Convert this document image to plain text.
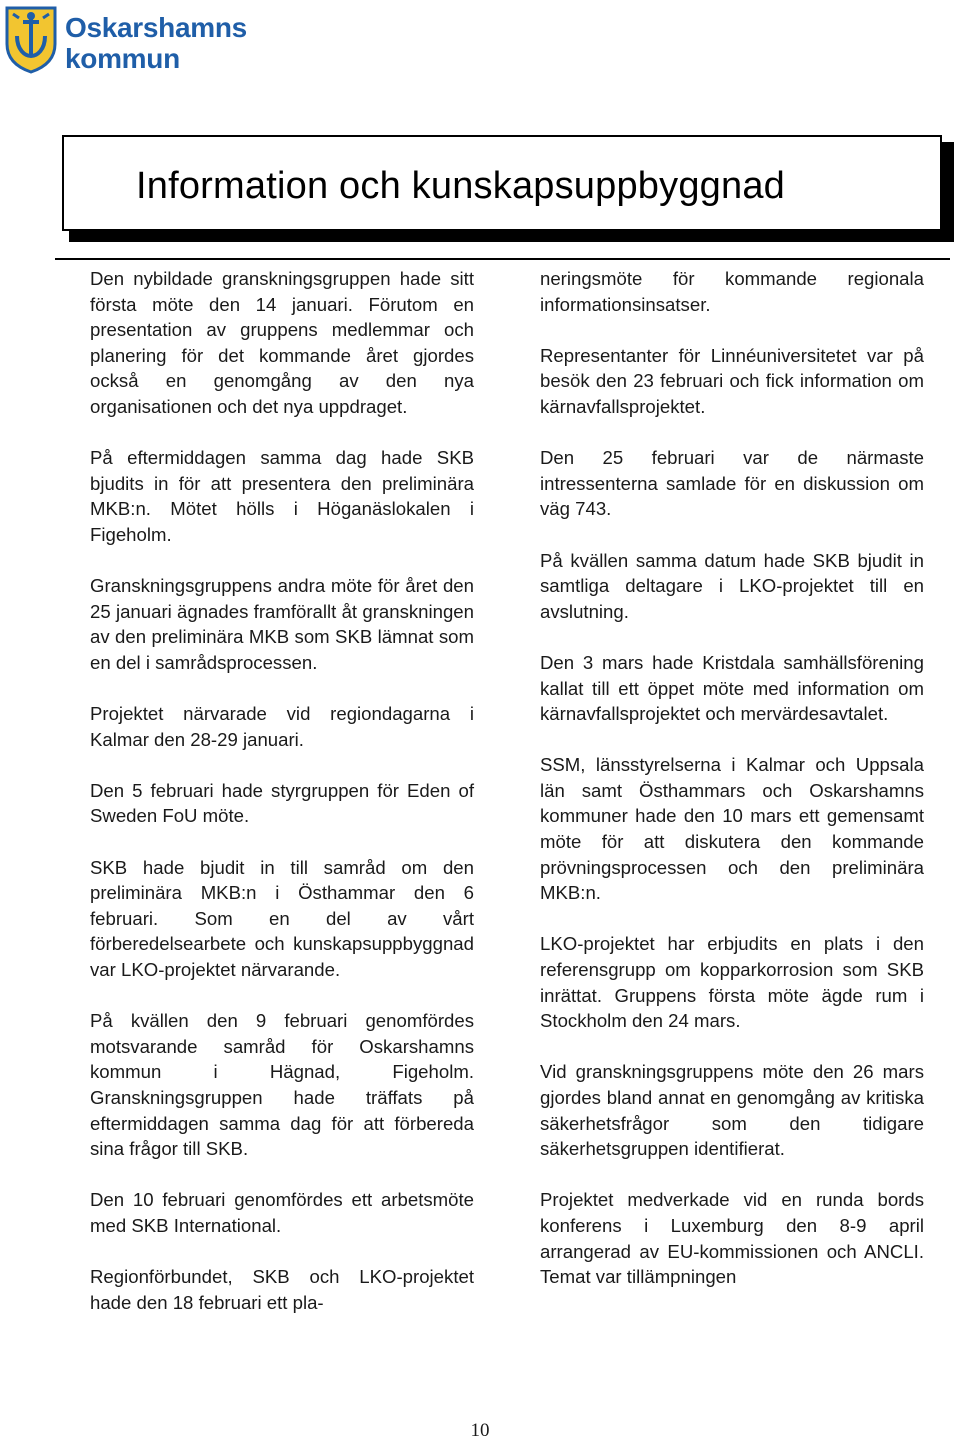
Oskarshamns
kommun
Information och kunskapsuppbyggnad

Den nybildade granskningsgruppen hade sitt första möte den 14 januari. Förutom en presentation av gruppens medlemmar och planering för det kommande året gjordes också en genomgång av den nya organisationen och det nya uppdraget.

På eftermiddagen samma dag hade SKB bjudits in för att presentera den preliminära MKB:n. Mötet hölls i Höganäslokalen i Figeholm.

Granskningsgruppens andra möte för året den 25 januari ägnades framförallt åt granskningen av den preliminära MKB som SKB lämnat som en del i samrådsprocessen.

Projektet närvarade vid regiondagarna i Kalmar den 28-29 januari.

Den 5 februari hade styrgruppen för Eden of Sweden FoU möte.

SKB hade bjudit in till samråd om den preliminära MKB:n i Östhammar den 6 februari. Som en del av vårt förberedelsearbete och kunskapsuppbyggnad var LKO-projektet närvarande.

På kvällen den 9 februari genomfördes motsvarande samråd för Oskarshamns kommun i Hägnad, Figeholm. Granskningsgruppen hade träffats på eftermiddagen samma dag för att förbereda sina frågor till SKB.

Den 10 februari genomfördes ett arbetsmöte med SKB International.

Regionförbundet, SKB och LKO-projektet hade den 18 februari ett pla-

neringsmöte för kommande regionala informationsinsatser.

Representanter för Linnéuniversitetet var på besök den 23 februari och fick information om kärnavfallsprojektet.

Den 25 februari var de närmaste intressenterna samlade för en diskussion om väg 743.

På kvällen samma datum hade SKB bjudit in samtliga deltagare i LKO-projektet till en avslutning.

Den 3 mars hade Kristdala samhällsförening kallat till ett öppet möte med information om kärnavfallsprojektet och mervärdesavtalet.

SSM, länsstyrelserna i Kalmar och Uppsala län samt Östhammars och Oskarshamns kommuner hade den 10 mars ett gemensamt möte för att diskutera den kommande prövningsprocessen och den preliminära MKB:n.

LKO-projektet har erbjudits en plats i den referensgrupp om kopparkorrosion som SKB inrättat. Gruppens första möte ägde rum i Stockholm den 24 mars.

Vid granskningsgruppens möte den 26 mars gjordes bland annat en genomgång av kritiska säkerhetsfrågor som den tidigare säkerhetsgruppen identifierat.

Projektet medverkade vid en runda bords konferens i Luxemburg den 8-9 april arrangerad av EU-kommissionen och ANCLI. Temat var tillämpningen

10
